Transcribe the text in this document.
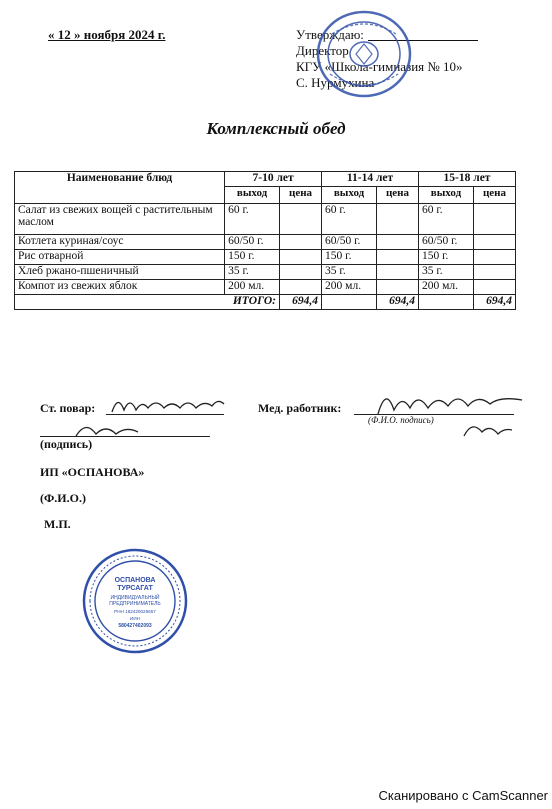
« 12 » ноября 2024 г.	Утверждаю:
Директор
КГУ «Школа-гимназия № 10»
С. Нурмухина
Комплексный обед
Наименование блюд	7-10 лет		11-14 лет		15-18 лет	
	выход	цена	выход	цена	выход	цена
Салат из свежих вощей с растительным маслом	60 г.		60 г.		60 г.	
Котлета куриная/соус	60/50 г.		60/50 г.		60/50 г.	
Рис отварной	150 г.		150 г.		150 г.	
Хлеб ржано-пшеничный	35 г.		35 г.		35 г.	
Компот из свежих яблок	200 мл.		200 мл.		200 мл.	
ИТОГО:		694,4		694,4		694,4
Ст. повар:	Мед. работник:
(Ф.И.О. подпись)
(подпись)
ИП «ОСПАНОВА»
(Ф.И.О.)
М.П.
ОСПАНОВА
ТУРСАГАТ
ИНДИВИДУАЛЬНЫЙ
ПРЕДПРИНИМАТЕЛЬ
РНН 182420025657
ИИН
580427402093
Сканировано с CamScanner
